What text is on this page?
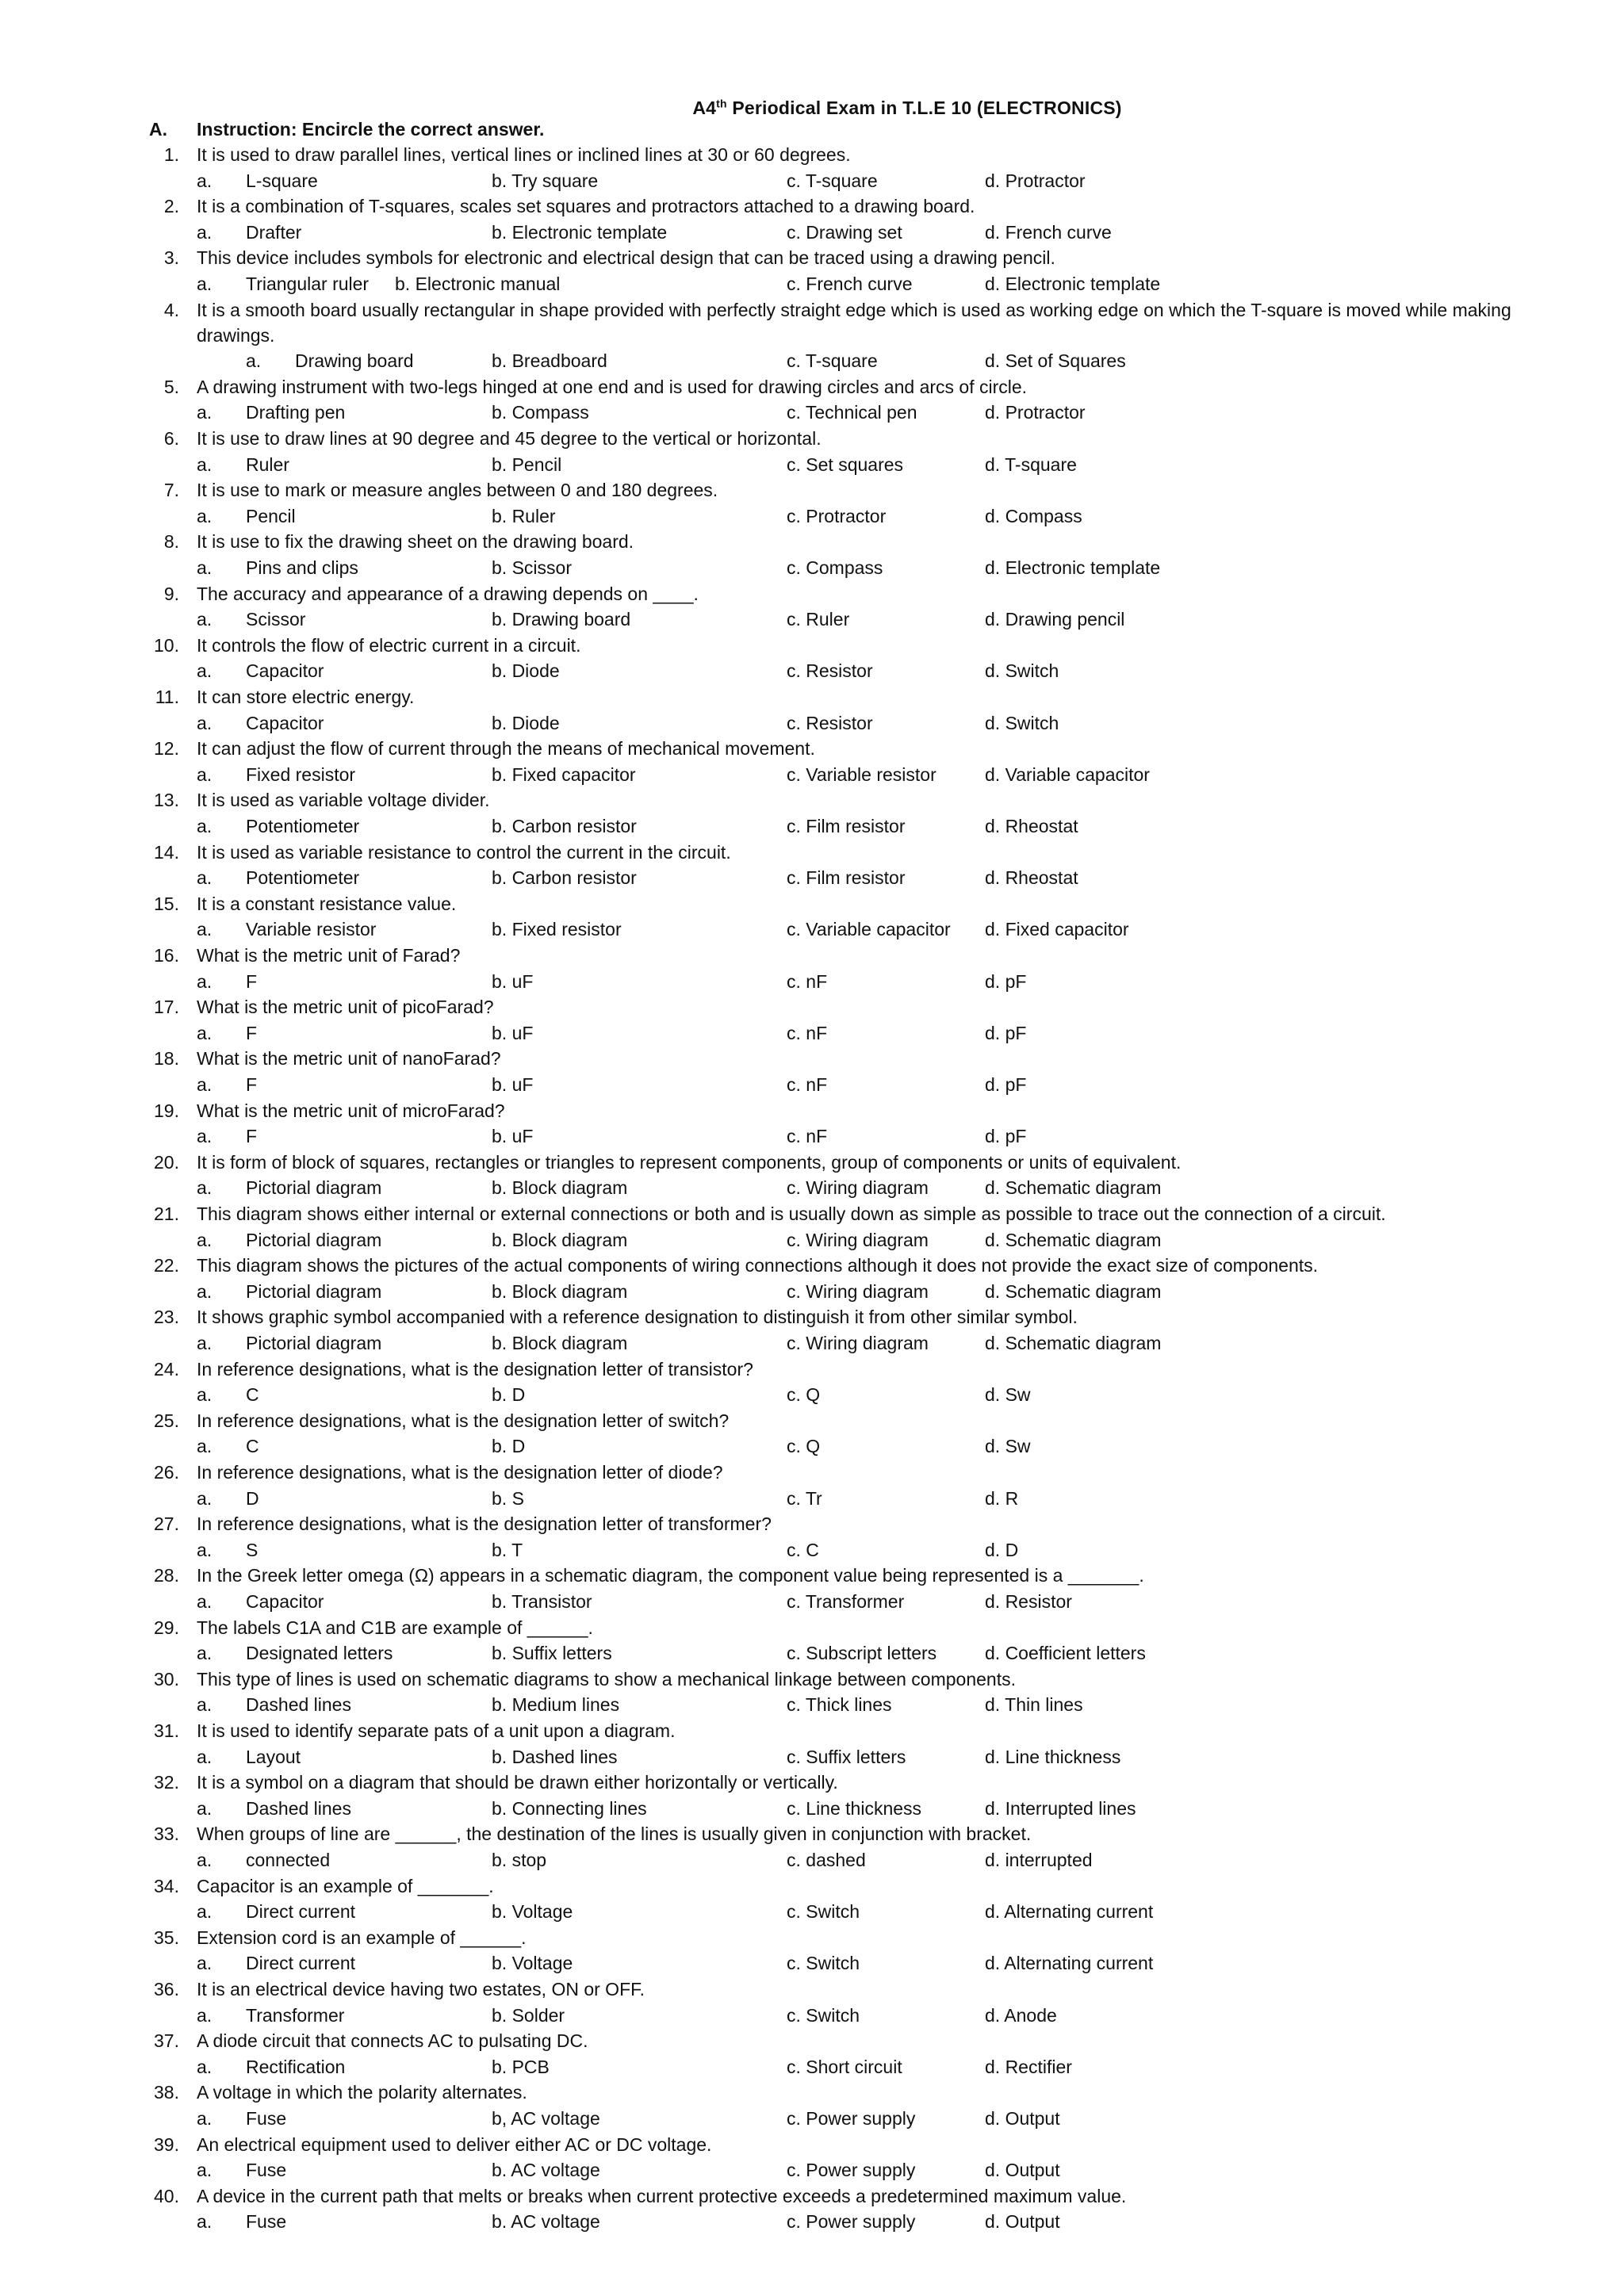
A4th Periodical Exam in T.L.E 10 (ELECTRONICS)
A. Instruction: Encircle the correct answer.
1. It is used to draw parallel lines, vertical lines or inclined lines at 30 or 60 degrees.
a. L-square	b. Try square	c. T-square	d. Protractor
2. It is a combination of T-squares, scales set squares and protractors attached to a drawing board.
a. Drafter	b. Electronic template	c. Drawing set	d. French curve
3. This device includes symbols for electronic and electrical design that can be traced using a drawing pencil.
a. Triangular ruler b. Electronic manual	c. French curve	d. Electronic template
4. It is a smooth board usually rectangular in shape provided with perfectly straight edge which is used as working edge on which the T-square is moved while making
drawings.
a. Drawing board	b. Breadboard	c. T-square	d. Set of Squares
5. A drawing instrument with two-legs hinged at one end and is used for drawing circles and arcs of circle.
a. Drafting pen	b. Compass	c. Technical pen	d. Protractor
6. It is use to draw lines at 90 degree and 45 degree to the vertical or horizontal.
a. Ruler	b. Pencil	c. Set squares	d. T-square
7. It is use to mark or measure angles between 0 and 180 degrees.
a. Pencil	b. Ruler	c. Protractor	d. Compass
8. It is use to fix the drawing sheet on the drawing board.
a. Pins and clips	b. Scissor	c. Compass	d. Electronic template
9. The accuracy and appearance of a drawing depends on ____.
a. Scissor	b. Drawing board	c. Ruler	d. Drawing pencil
10. It controls the flow of electric current in a circuit.
a. Capacitor	b. Diode	c. Resistor	d. Switch
11. It can store electric energy.
a. Capacitor	b. Diode	c. Resistor	d. Switch
12. It can adjust the flow of current through the means of mechanical movement.
a. Fixed resistor	b. Fixed capacitor	c. Variable resistor	d. Variable capacitor
13. It is used as variable voltage divider.
a. Potentiometer	b. Carbon resistor	c. Film resistor	d. Rheostat
14. It is used as variable resistance to control the current in the circuit.
a. Potentiometer	b. Carbon resistor	c. Film resistor	d. Rheostat
15. It is a constant resistance value.
a. Variable resistor	b. Fixed resistor	c. Variable capacitor d. Fixed capacitor
16. What is the metric unit of Farad?
a. F	b. uF	c. nF	d. pF
17. What is the metric unit of picoFarad?
a. F	b. uF	c. nF	d. pF
18. What is the metric unit of nanoFarad?
a. F	b. uF	c. nF	d. pF
19. What is the metric unit of microFarad?
a. F	b. uF	c. nF	d. pF
20. It is form of block of squares, rectangles or triangles to represent components, group of components or units of equivalent.
a. Pictorial diagram	b. Block diagram	c. Wiring diagram	d. Schematic diagram
21. This diagram shows either internal or external connections or both and is usually down as simple as possible to trace out the connection of a circuit.
a. Pictorial diagram	b. Block diagram	c. Wiring diagram	d. Schematic diagram
22. This diagram shows the pictures of the actual components of wiring connections although it does not provide the exact size of components.
a. Pictorial diagram	b. Block diagram	c. Wiring diagram	d. Schematic diagram
23. It shows graphic symbol accompanied with a reference designation to distinguish it from other similar symbol.
a. Pictorial diagram	b. Block diagram	c. Wiring diagram	d. Schematic diagram
24. In reference designations, what is the designation letter of transistor?
a. C	b. D	c. Q	d. Sw
25. In reference designations, what is the designation letter of switch?
a. C	b. D	c. Q	d. Sw
26. In reference designations, what is the designation letter of diode?
a. D	b. S	c. Tr	d. R
27. In reference designations, what is the designation letter of transformer?
a. S	b. T	c. C	d. D
28. In the Greek letter omega (Ω) appears in a schematic diagram, the component value being represented is a _______.
a. Capacitor	b. Transistor	c. Transformer	d. Resistor
29. The labels C1A and C1B are example of ______.
a. Designated letters	b. Suffix letters	c. Subscript letters	d. Coefficient letters
30. This type of lines is used on schematic diagrams to show a mechanical linkage between components.
a. Dashed lines	b. Medium lines	c. Thick lines	d. Thin lines
31. It is used to identify separate pats of a unit upon a diagram.
a. Layout	b. Dashed lines	c. Suffix letters	d. Line thickness
32. It is a symbol on a diagram that should be drawn either horizontally or vertically.
a. Dashed lines	b. Connecting lines	c. Line thickness	d. Interrupted lines
33. When groups of line are ______, the destination of the lines is usually given in conjunction with bracket.
a. connected	b. stop	c. dashed	d. interrupted
34. Capacitor is an example of _______.
a. Direct current	b. Voltage	c. Switch	d. Alternating current
35. Extension cord is an example of ______.
a. Direct current	b. Voltage	c. Switch	d. Alternating current
36. It is an electrical device having two estates, ON or OFF.
a. Transformer	b. Solder	c. Switch	d. Anode
37. A diode circuit that connects AC to pulsating DC.
a. Rectification	b. PCB	c. Short circuit	d. Rectifier
38. A voltage in which the polarity alternates.
a. Fuse	b, AC voltage	c. Power supply	d. Output
39. An electrical equipment used to deliver either AC or DC voltage.
a. Fuse	b. AC voltage	c. Power supply	d. Output
40. A device in the current path that melts or breaks when current protective exceeds a predetermined maximum value.
a. Fuse	b. AC voltage	c. Power supply	d. Output
